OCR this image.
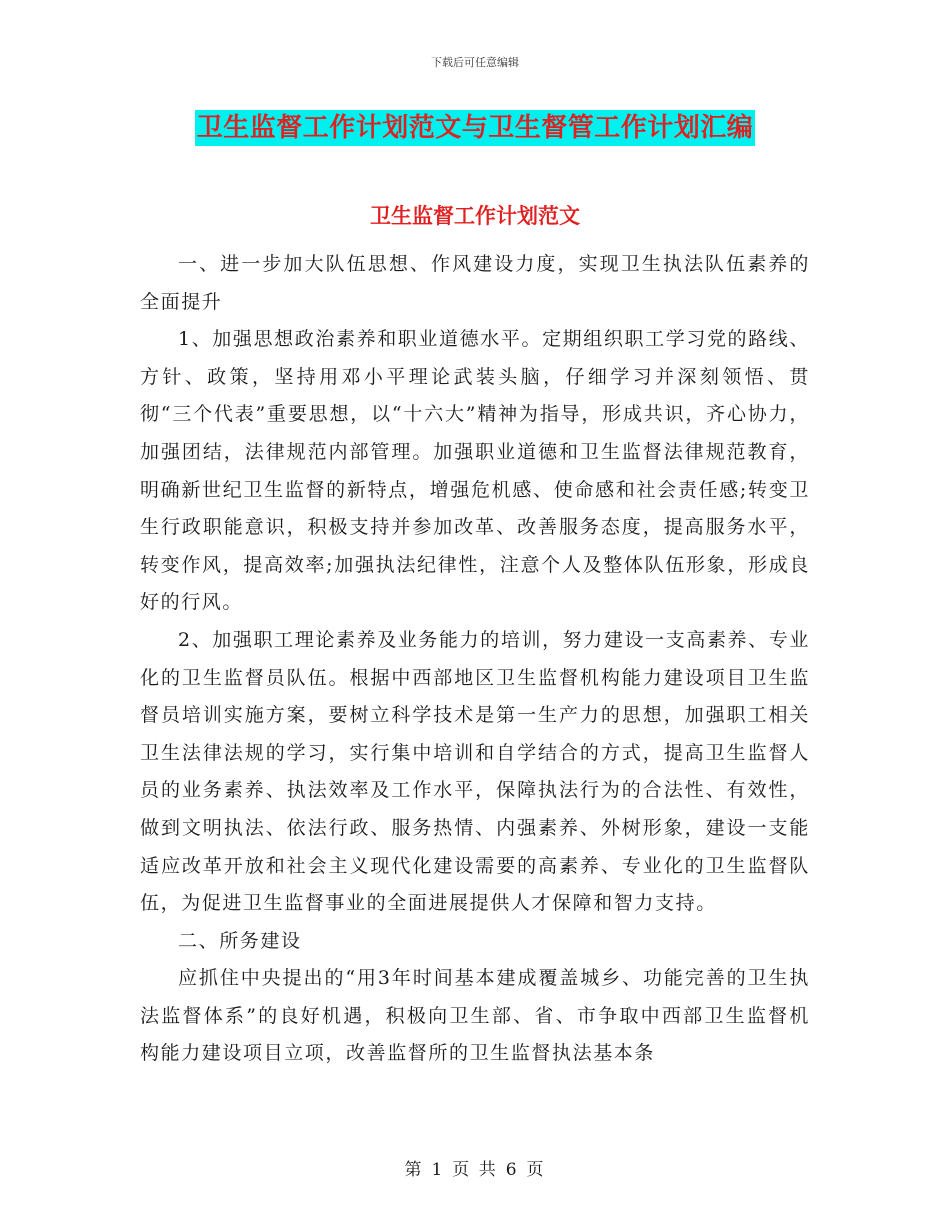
下载后可任意编辑
卫生监督工作计划范文与卫生督管工作计划汇编
卫生监督工作计划范文

一、进一步加大队伍思想、作风建设力度，实现卫生执法队伍素养的全面提升

1、加强思想政治素养和职业道德水平。定期组织职工学习党的路线、方针、政策，坚持用邓小平理论武装头脑，仔细学习并深刻领悟、贯彻“三个代表”重要思想，以“十六大”精神为指导，形成共识，齐心协力，加强团结，法律规范内部管理。加强职业道德和卫生监督法律规范教育，明确新世纪卫生监督的新特点，增强危机感、使命感和社会责任感;转变卫生行政职能意识，积极支持并参加改革、改善服务态度，提高服务水平，转变作风，提高效率;加强执法纪律性，注意个人及整体队伍形象，形成良好的行风。

2、加强职工理论素养及业务能力的培训，努力建设一支高素养、专业化的卫生监督员队伍。根据中西部地区卫生监督机构能力建设项目卫生监督员培训实施方案，要树立科学技术是第一生产力的思想，加强职工相关卫生法律法规的学习，实行集中培训和自学结合的方式，提高卫生监督人员的业务素养、执法效率及工作水平，保障执法行为的合法性、有效性，做到文明执法、依法行政、服务热情、内强素养、外树形象，建设一支能适应改革开放和社会主义现代化建设需要的高素养、专业化的卫生监督队伍，为促进卫生监督事业的全面进展提供人才保障和智力支持。

二、所务建设

应抓住中央提出的“用3年时间基本建成覆盖城乡、功能完善的卫生执法监督体系”的良好机遇，积极向卫生部、省、市争取中西部卫生监督机构能力建设项目立项，改善监督所的卫生监督执法基本条

第 1 页 共 6 页
